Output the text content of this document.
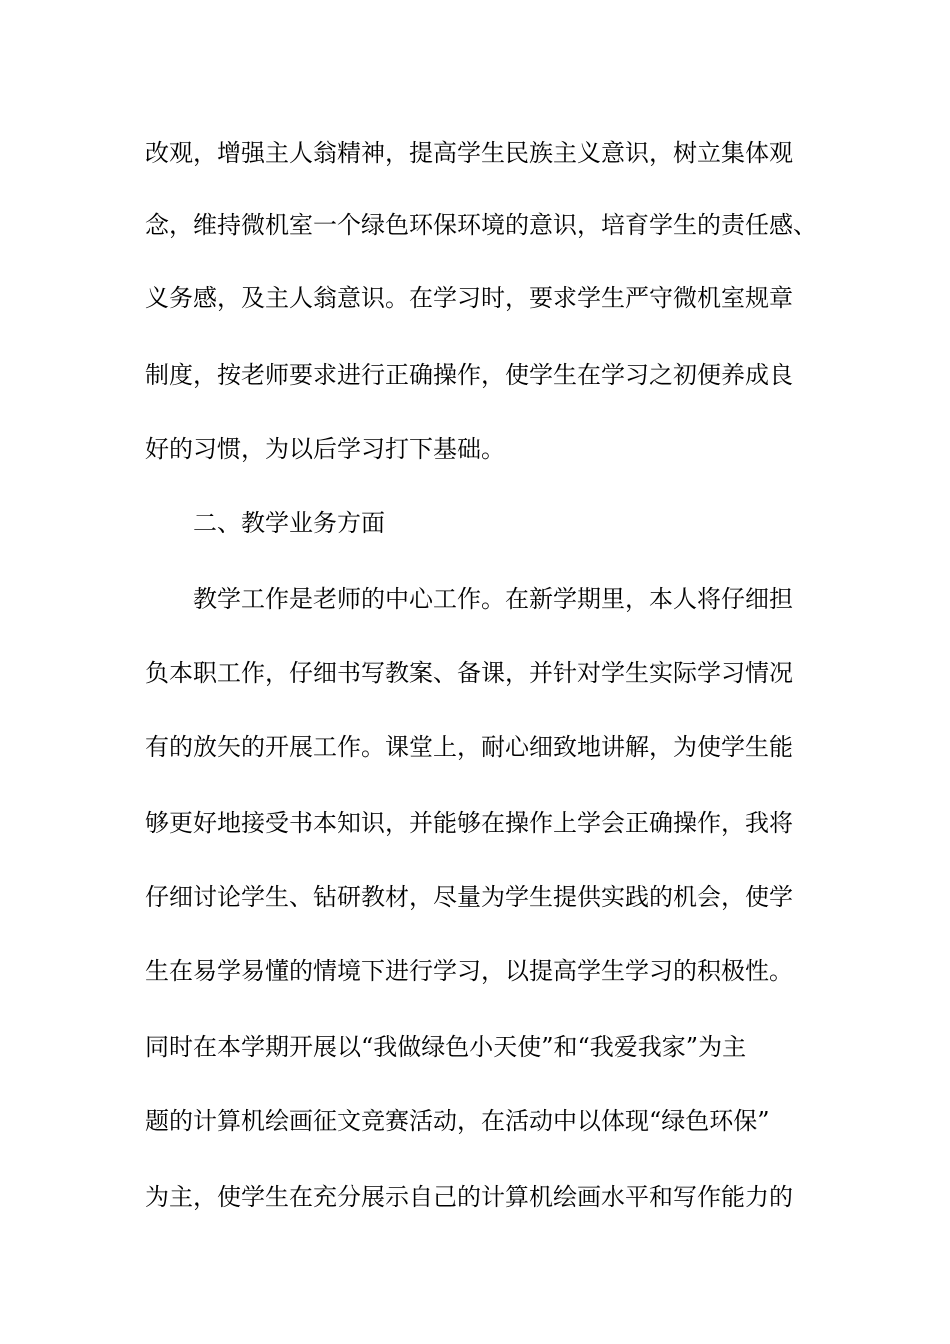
改观，增强主人翁精神，提高学生民族主义意识，树立集体观

念，维持微机室一个绿色环保环境的意识，培育学生的责任感、

义务感，及主人翁意识。在学习时，要求学生严守微机室规章

制度，按老师要求进行正确操作，使学生在学习之初便养成良

好的习惯，为以后学习打下基础。

二、教学业务方面

教学工作是老师的中心工作。在新学期里，本人将仔细担

负本职工作，仔细书写教案、备课，并针对学生实际学习情况

有的放矢的开展工作。课堂上，耐心细致地讲解，为使学生能

够更好地接受书本知识，并能够在操作上学会正确操作，我将

仔细讨论学生、钻研教材，尽量为学生提供实践的机会，使学

生在易学易懂的情境下进行学习，以提高学生学习的积极性。

同时在本学期开展以“我做绿色小天使”和“我爱我家”为主

题的计算机绘画征文竞赛活动，在活动中以体现“绿色环保”

为主，使学生在充分展示自己的计算机绘画水平和写作能力的
